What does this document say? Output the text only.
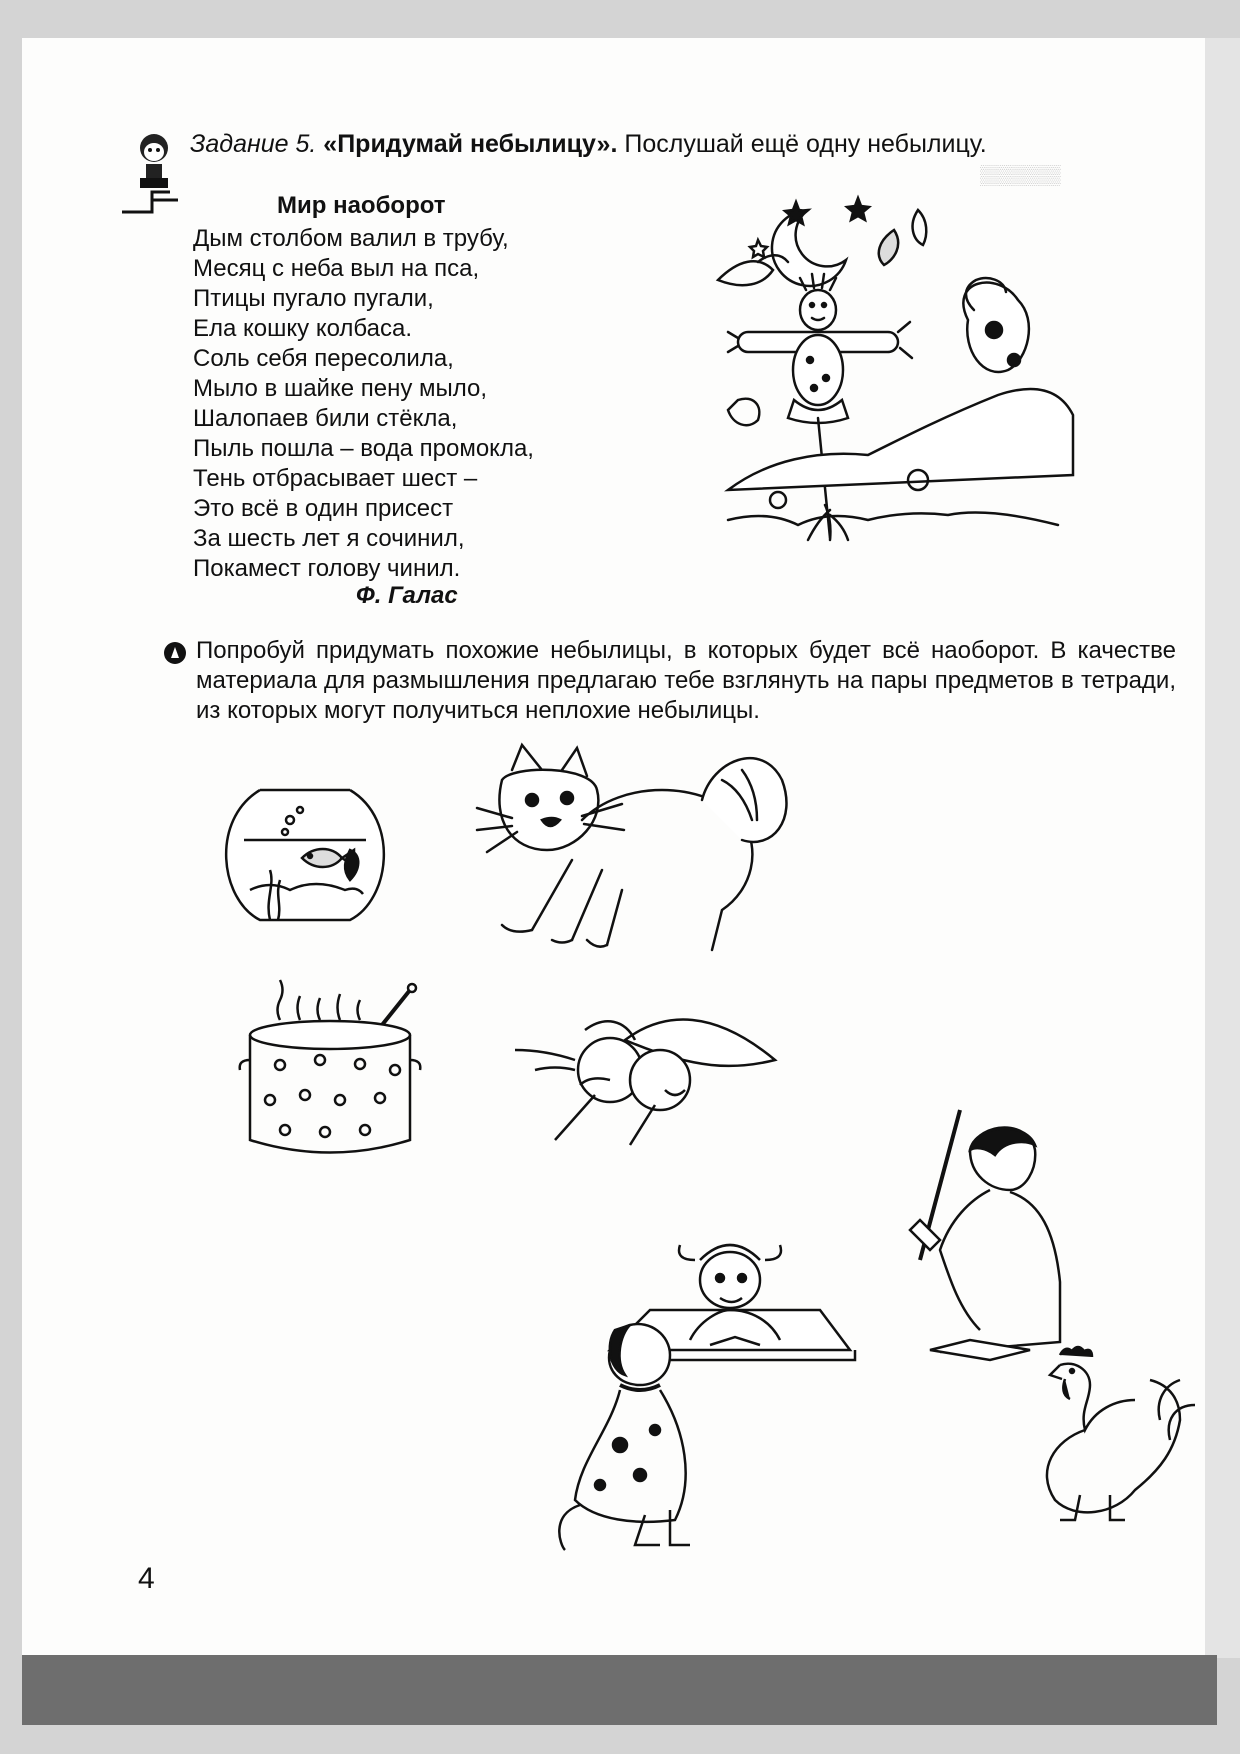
▒▒▒▒▒▒
Задание 5. «Придумай небылицу». Послушай ещё одну небылицу.
Мир наоборот
Дым столбом валил в трубу,
Месяц с неба выл на пса,
Птицы пугало пугали,
Ела кошку колбаса.
Соль себя пересолила,
Мыло в шайке пену мыло,
Шалопаев били стёкла,
Пыль пошла – вода промокла,
Тень отбрасывает шест –
Это всё в один присест
За шесть лет я сочинил,
Покамест голову чинил.
Ф. Галас
Попробуй придумать похожие небылицы, в которых будет всё наоборот. В качестве материала для размышления предлагаю тебе взглянуть на пары предметов в тетради, из которых могут получиться неплохие небылицы.
4
